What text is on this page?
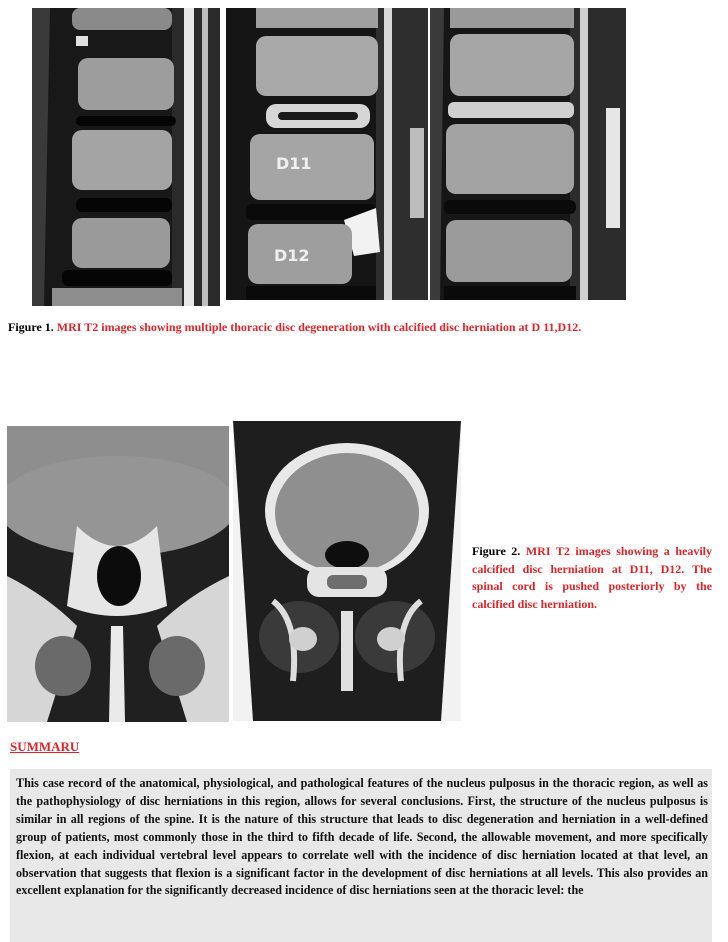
D11
D12
Figure 1. MRI T2 images showing multiple thoracic disc degeneration with calcified disc herniation at D 11,D12.
Figure 2. MRI T2 images showing a heavily calcified disc herniation at D11, D12. The spinal cord is pushed posteriorly by the calcified disc herniation.
SUMMARU

This case record of the anatomical, physiological, and pathological features of the nucleus pulposus in the thoracic region, as well as the pathophysiology of disc herniations in this region, allows for several conclusions. First, the structure of the nucleus pulposus is similar in all regions of the spine. It is the nature of this structure that leads to disc degeneration and herniation in a well-defined group of patients, most commonly those in the third to fifth decade of life. Second, the allowable movement, and more specifically flexion, at each individual vertebral level appears to correlate well with the incidence of disc herniation located at that level, an observation that suggests that flexion is a significant factor in the development of disc herniations at all levels. This also provides an excellent explanation for the significantly decreased incidence of disc herniations seen at the thoracic level: the
